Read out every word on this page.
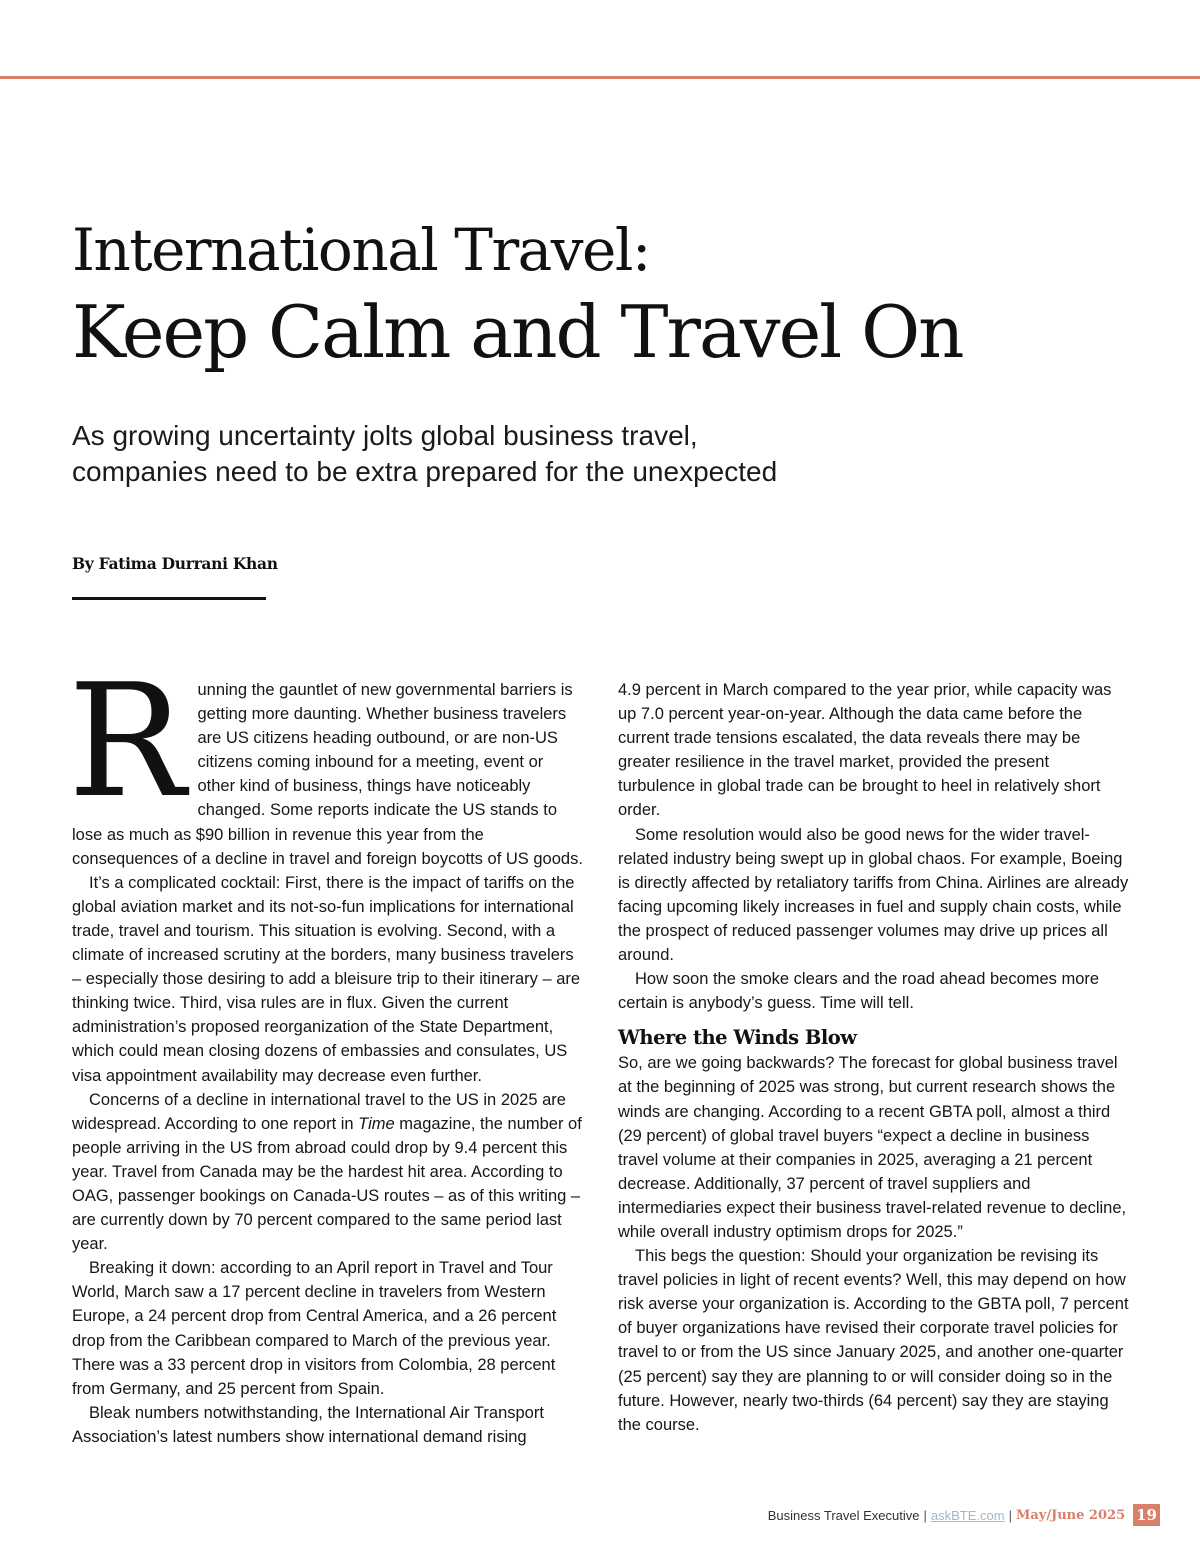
International Travel:
Keep Calm and Travel On
As growing uncertainty jolts global business travel,
companies need to be extra prepared for the unexpected
By Fatima Durrani Khan

Running the gauntlet of new governmental barriers is getting more daunting. Whether business travelers are US citizens heading outbound, or are non-US citizens coming inbound for a meeting, event or other kind of business, things have noticeably changed. Some reports indicate the US stands to lose as much as $90 billion in revenue this year from the consequences of a decline in travel and foreign boycotts of US goods.

It’s a complicated cocktail: First, there is the impact of tariffs on the global aviation market and its not-so-fun implications for international trade, travel and tourism. This situation is evolving. Second, with a climate of increased scrutiny at the borders, many business travelers – especially those desiring to add a bleisure trip to their itinerary – are thinking twice. Third, visa rules are in flux. Given the current administration’s proposed reorganization of the State Department, which could mean closing dozens of embassies and consulates, US visa appointment availability may decrease even further.

Concerns of a decline in international travel to the US in 2025 are widespread. According to one report in Time magazine, the number of people arriving in the US from abroad could drop by 9.4 percent this year. Travel from Canada may be the hardest hit area. According to OAG, passenger bookings on Canada-US routes – as of this writing – are currently down by 70 percent compared to the same period last year.

Breaking it down: according to an April report in Travel and Tour World, March saw a 17 percent decline in travelers from Western Europe, a 24 percent drop from Central America, and a 26 percent drop from the Caribbean compared to March of the previous year. There was a 33 percent drop in visitors from Colombia, 28 percent from Germany, and 25 percent from Spain.

Bleak numbers notwithstanding, the International Air Transport Association’s latest numbers show international demand rising

4.9 percent in March compared to the year prior, while capacity was up 7.0 percent year-on-year. Although the data came before the current trade tensions escalated, the data reveals there may be greater resilience in the travel market, provided the present turbulence in global trade can be brought to heel in relatively short order.

Some resolution would also be good news for the wider travel-related industry being swept up in global chaos. For example, Boeing is directly affected by retaliatory tariffs from China. Airlines are already facing upcoming likely increases in fuel and supply chain costs, while the prospect of reduced passenger volumes may drive up prices all around.

How soon the smoke clears and the road ahead becomes more certain is anybody’s guess. Time will tell.

Where the Winds Blow

So, are we going backwards? The forecast for global business travel at the beginning of 2025 was strong, but current research shows the winds are changing. According to a recent GBTA poll, almost a third (29 percent) of global travel buyers “expect a decline in business travel volume at their companies in 2025, averaging a 21 percent decrease. Additionally, 37 percent of travel suppliers and intermediaries expect their business travel-related revenue to decline, while overall industry optimism drops for 2025.”

This begs the question: Should your organization be revising its travel policies in light of recent events? Well, this may depend on how risk averse your organization is. According to the GBTA poll, 7 percent of buyer organizations have revised their corporate travel policies for travel to or from the US since January 2025, and another one-quarter (25 percent) say they are planning to or will consider doing so in the future. However, nearly two-thirds (64 percent) say they are staying the course.

Business Travel Executive | askBTE.com | May/June 2025 19
